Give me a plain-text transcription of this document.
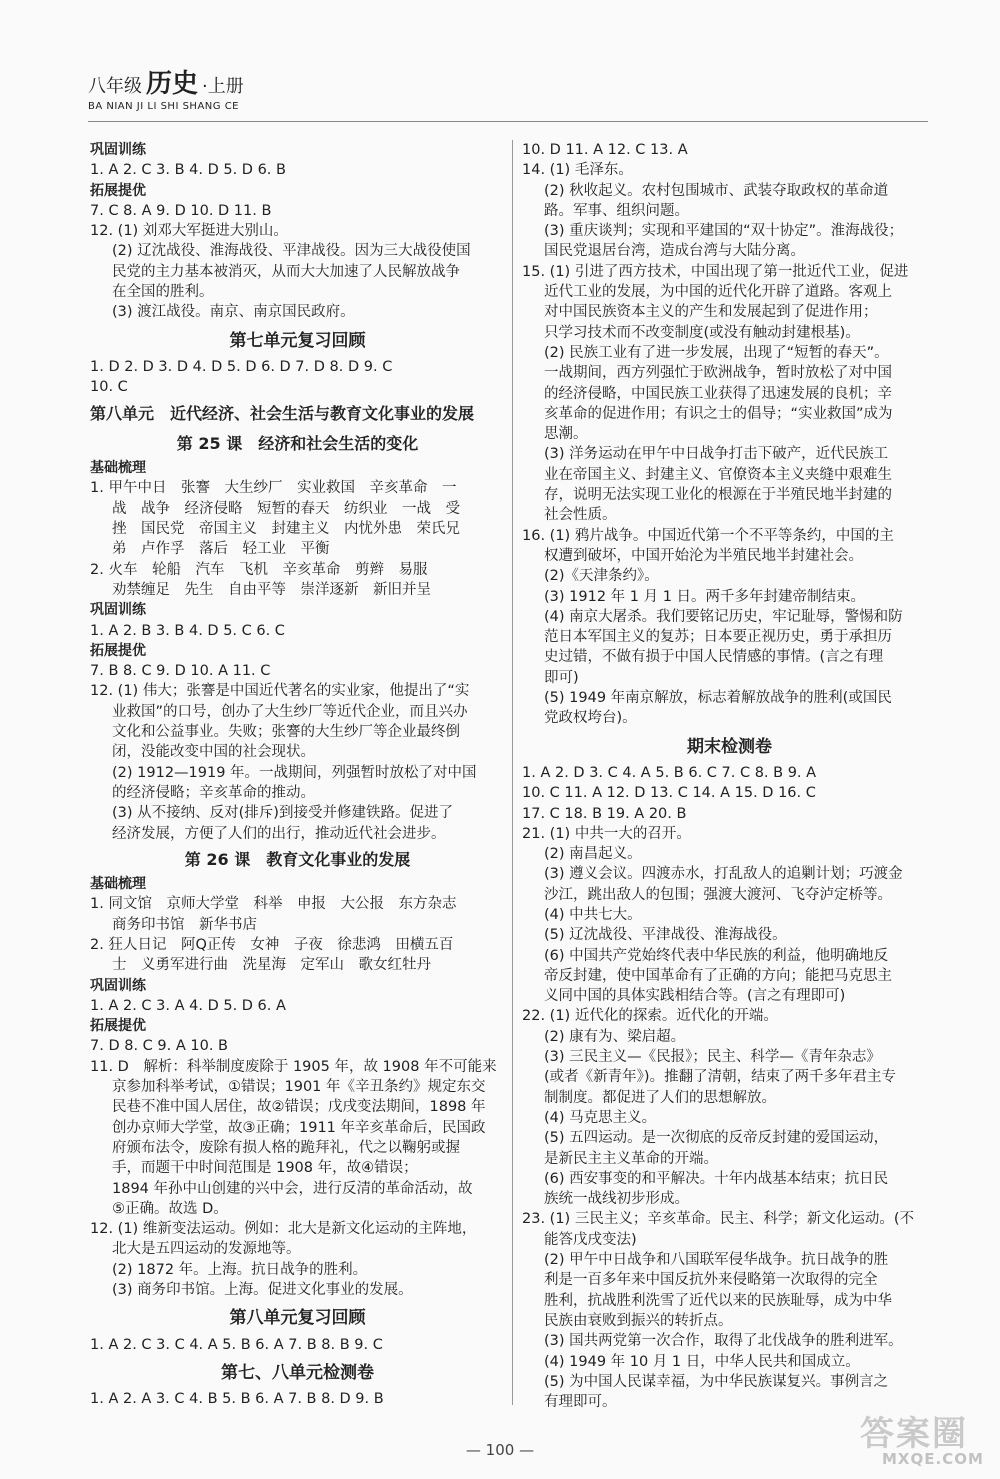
八年级 历史 ·上册
BA NIAN JI LI SHI SHANG CE
巩固训练
1. A 2. C 3. B 4. D 5. D 6. B
拓展提优
7. C 8. A 9. D 10. D 11. B
12. (1) 刘邓大军挺进大别山。
(2) 辽沈战役、淮海战役、平津战役。因为三大战役使国
民党的主力基本被消灭，从而大大加速了人民解放战争
在全国的胜利。
(3) 渡江战役。南京、南京国民政府。
第七单元复习回顾
1. D 2. D 3. D 4. D 5. D 6. D 7. D 8. D 9. C
10. C
第八单元　近代经济、社会生活与教育文化事业的发展
第 25 课　经济和社会生活的变化
基础梳理
1. 甲午中日　张謇　大生纱厂　实业救国　辛亥革命　一
战　战争　经济侵略　短暂的春天　纺织业　一战　受
挫　国民党　帝国主义　封建主义　内忧外患　荣氏兄
弟　卢作孚　落后　轻工业　平衡
2. 火车　轮船　汽车　飞机　辛亥革命　剪辫　易服
劝禁缠足　先生　自由平等　崇洋逐新　新旧并呈
巩固训练
1. A 2. B 3. B 4. D 5. C 6. C
拓展提优
7. B 8. C 9. D 10. A 11. C
12. (1) 伟大；张謇是中国近代著名的实业家，他提出了“实
业救国”的口号，创办了大生纱厂等近代企业，而且兴办
文化和公益事业。失败；张謇的大生纱厂等企业最终倒
闭，没能改变中国的社会现状。
(2) 1912—1919 年。一战期间，列强暂时放松了对中国
的经济侵略；辛亥革命的推动。
(3) 从不接纳、反对(排斥)到接受并修建铁路。促进了
经济发展，方便了人们的出行，推动近代社会进步。
第 26 课　教育文化事业的发展
基础梳理
1. 同文馆　京师大学堂　科举　申报　大公报　东方杂志
商务印书馆　新华书店
2. 狂人日记　阿Q正传　女神　子夜　徐悲鸿　田横五百
士　义勇军进行曲　洗星海　定军山　歌女红牡丹
巩固训练
1. A 2. C 3. A 4. D 5. D 6. A
拓展提优
7. D 8. C 9. A 10. B
11. D　解析：科举制度废除于 1905 年，故 1908 年不可能来
京参加科举考试，①错误；1901 年《辛丑条约》规定东交
民巷不准中国人居住，故②错误；戊戌变法期间，1898 年
创办京师大学堂，故③正确；1911 年辛亥革命后，民国政
府颁布法令，废除有损人格的跪拜礼，代之以鞠躬或握
手，而题干中时间范围是 1908 年，故④错误；
1894 年孙中山创建的兴中会，进行反清的革命活动，故
⑤正确。故选 D。
12. (1) 维新变法运动。例如：北大是新文化运动的主阵地，
北大是五四运动的发源地等。
(2) 1872 年。上海。抗日战争的胜利。
(3) 商务印书馆。上海。促进文化事业的发展。
第八单元复习回顾
1. A 2. C 3. C 4. A 5. B 6. A 7. B 8. B 9. C
第七、八单元检测卷
1. A 2. A 3. C 4. B 5. B 6. A 7. B 8. D 9. B
10. D 11. A 12. C 13. A
14. (1) 毛泽东。
(2) 秋收起义。农村包围城市、武装夺取政权的革命道
路。军事、组织问题。
(3) 重庆谈判；实现和平建国的“双十协定”。淮海战役；
国民党退居台湾，造成台湾与大陆分离。
15. (1) 引进了西方技术，中国出现了第一批近代工业，促进
近代工业的发展，为中国的近代化开辟了道路。客观上
对中国民族资本主义的产生和发展起到了促进作用；
只学习技术而不改变制度(或没有触动封建根基)。
(2) 民族工业有了进一步发展，出现了“短暂的春天”。
一战期间，西方列强忙于欧洲战争，暂时放松了对中国
的经济侵略，中国民族工业获得了迅速发展的良机；辛
亥革命的促进作用；有识之士的倡导；“实业救国”成为
思潮。
(3) 洋务运动在甲午中日战争打击下破产，近代民族工
业在帝国主义、封建主义、官僚资本主义夹缝中艰难生
存，说明无法实现工业化的根源在于半殖民地半封建的
社会性质。
16. (1) 鸦片战争。中国近代第一个不平等条约，中国的主
权遭到破坏，中国开始沦为半殖民地半封建社会。
(2)《天津条约》。
(3) 1912 年 1 月 1 日。两千多年封建帝制结束。
(4) 南京大屠杀。我们要铭记历史，牢记耻辱，警惕和防
范日本军国主义的复苏；日本要正视历史，勇于承担历
史过错，不做有损于中国人民情感的事情。(言之有理
即可)
(5) 1949 年南京解放，标志着解放战争的胜利(或国民
党政权垮台)。
期末检测卷
1. A 2. D 3. C 4. A 5. B 6. C 7. C 8. B 9. A
10. C 11. A 12. D 13. C 14. A 15. D 16. C
17. C 18. B 19. A 20. B
21. (1) 中共一大的召开。
(2) 南昌起义。
(3) 遵义会议。四渡赤水，打乱敌人的追剿计划；巧渡金
沙江，跳出敌人的包围；强渡大渡河、飞夺泸定桥等。
(4) 中共七大。
(5) 辽沈战役、平津战役、淮海战役。
(6) 中国共产党始终代表中华民族的利益，他明确地反
帝反封建，使中国革命有了正确的方向；能把马克思主
义同中国的具体实践相结合等。(言之有理即可)
22. (1) 近代化的探索。近代化的开端。
(2) 康有为、梁启超。
(3) 三民主义—《民报》；民主、科学—《青年杂志》
(或者《新青年》)。推翻了清朝，结束了两千多年君主专
制制度。都促进了人们的思想解放。
(4) 马克思主义。
(5) 五四运动。是一次彻底的反帝反封建的爱国运动，
是新民主主义革命的开端。
(6) 西安事变的和平解决。十年内战基本结束；抗日民
族统一战线初步形成。
23. (1) 三民主义；辛亥革命。民主、科学；新文化运动。(不
能答戊戌变法)
(2) 甲午中日战争和八国联军侵华战争。抗日战争的胜
利是一百多年来中国反抗外来侵略第一次取得的完全
胜利，抗战胜利洗雪了近代以来的民族耻辱，成为中华
民族由衰败到振兴的转折点。
(3) 国共两党第一次合作，取得了北伐战争的胜利进军。
(4) 1949 年 10 月 1 日，中华人民共和国成立。
(5) 为中国人民谋幸福，为中华民族谋复兴。事例言之
有理即可。
— 100 —	答案圈
MXQE.COM
